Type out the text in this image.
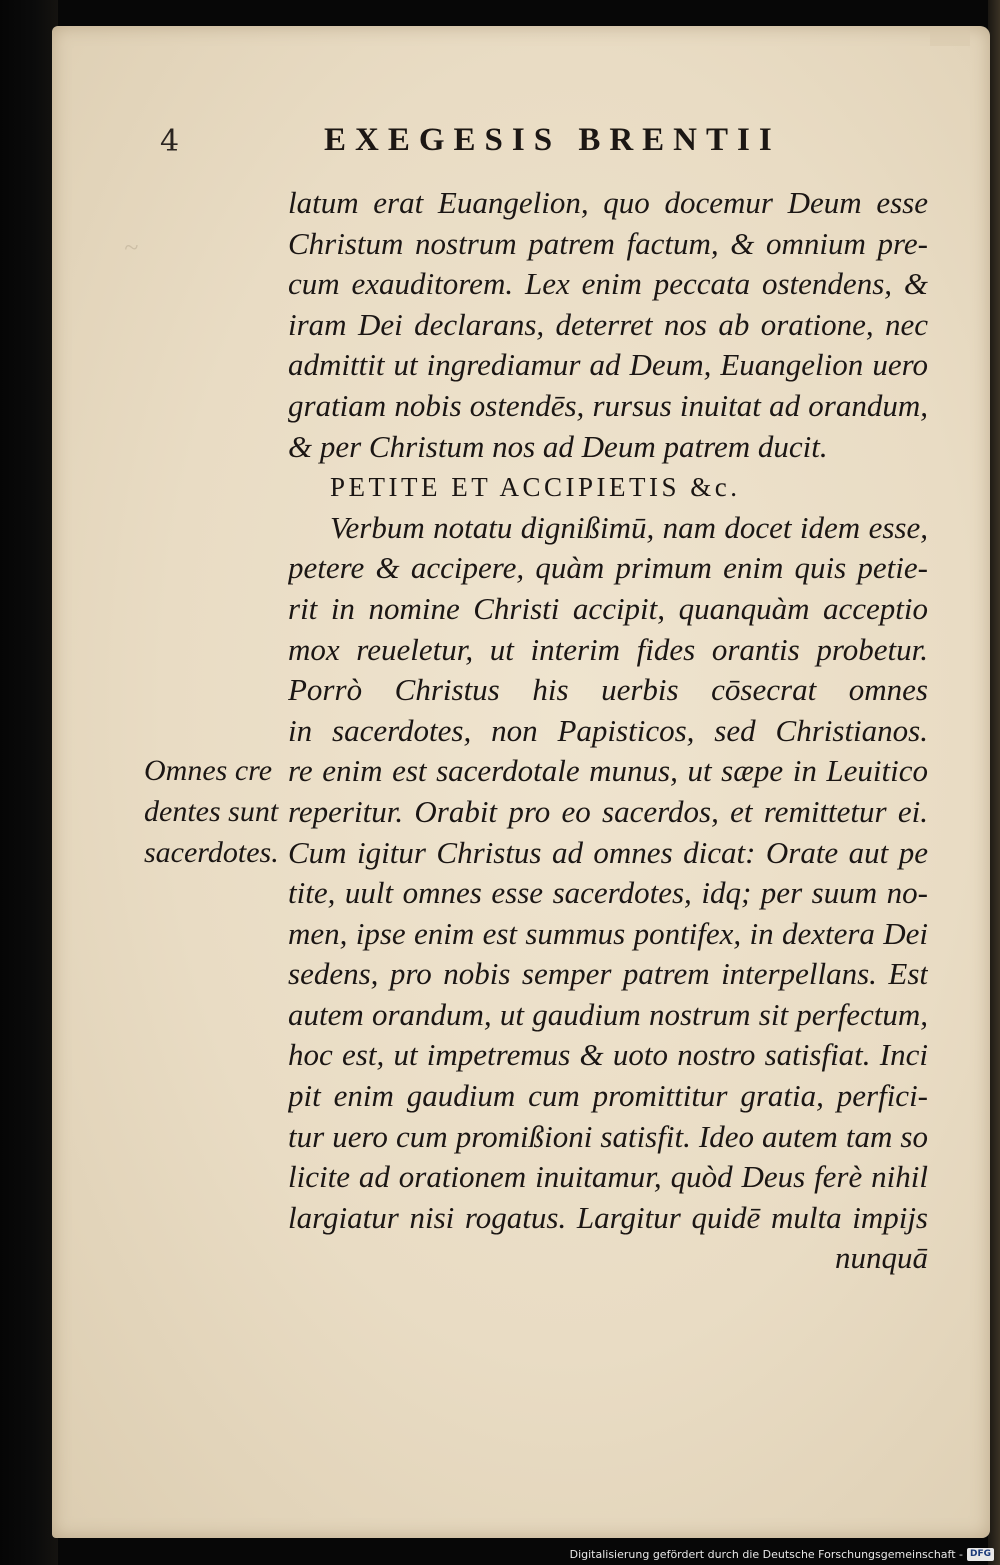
~
4	EXEGESIS BRENTII
latum erat Euangelion, quo docemur Deum esse
Christum nostrum patrem factum, & omnium pre-
cum exauditorem. Lex enim peccata ostendens, &
iram Dei declarans, deterret nos ab oratione, nec
admittit ut ingrediamur ad Deum, Euangelion uero
gratiam nobis ostendēs, rursus inuitat ad orandum,
& per Christum nos ad Deum patrem ducit.
PETITE ET ACCIPIETIS &c.
Verbum notatu dignißimū, nam docet idem esse,
petere & accipere, quàm primum enim quis petie-
rit in nomine Christi accipit, quanquàm acceptio
mox reueletur, ut interim fides orantis probetur.
Porrò Christus his uerbis cōsecrat omnes
in sacerdotes, non Papisticos, sed Christianos.
re enim est sacerdotale munus, ut sæpe in Leuitico
reperitur. Orabit pro eo sacerdos, et remittetur ei.
Cum igitur Christus ad omnes dicat: Orate aut pe
tite, uult omnes esse sacerdotes, idq; per suum no-
men, ipse enim est summus pontifex, in dextera Dei
sedens, pro nobis semper patrem interpellans. Est
autem orandum, ut gaudium nostrum sit perfectum,
hoc est, ut impetremus & uoto nostro satisfiat. Inci
pit enim gaudium cum promittitur gratia, perfici-
tur uero cum promißioni satisfit. Ideo autem tam so
licite ad orationem inuitamur, quòd Deus ferè nihil
largiatur nisi rogatus. Largitur quidē multa impijs
nunquā
Omnes cre
dentes sunt
sacerdotes.
Digitalisierung gefördert durch die Deutsche Forschungsgemeinschaft - DFG
